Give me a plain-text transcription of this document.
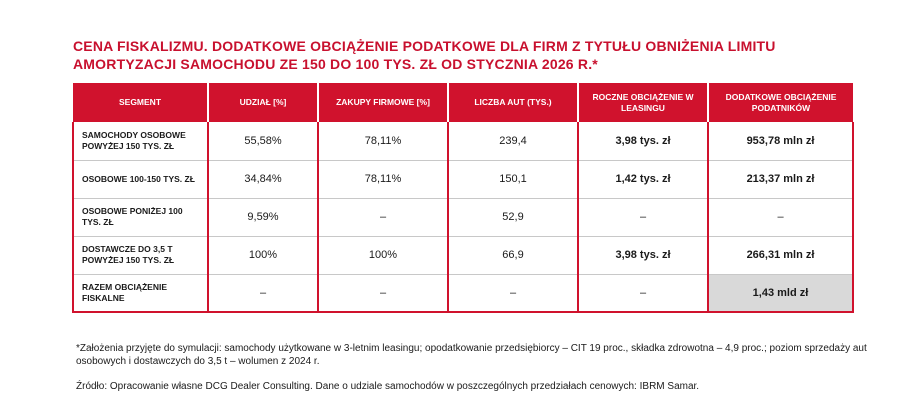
CENA FISKALIZMU. DODATKOWE OBCIĄŻENIE PODATKOWE DLA FIRM Z TYTUŁU OBNIŻENIA LIMITU AMORTYZACJI SAMOCHODU ZE 150 DO 100 TYS. ZŁ OD STYCZNIA 2026 R.*
SEGMENT	UDZIAŁ [%]	ZAKUPY FIRMOWE [%]	LICZBA AUT (TYS.)	ROCZNE OBCIĄŻENIE W LEASINGU	DODATKOWE OBCIĄŻENIE PODATNIKÓW
SAMOCHODY OSOBOWE POWYŻEJ 150 TYS. ZŁ	55,58%	78,11%	239,4	3,98 tys. zł	953,78 mln zł
OSOBOWE 100-150 TYS. ZŁ	34,84%	78,11%	150,1	1,42 tys. zł	213,37 mln zł
OSOBOWE PONIŻEJ 100 TYS. ZŁ	9,59%	–	52,9	–	–
DOSTAWCZE DO 3,5 T POWYŻEJ 150 TYS. ZŁ	100%	100%	66,9	3,98 tys. zł	266,31 mln zł
RAZEM OBCIĄŻENIE FISKALNE	–	–	–	–	1,43 mld zł
*Założenia przyjęte do symulacji: samochody użytkowane w 3-letnim leasingu; opodatkowanie przedsiębiorcy – CIT 19 proc., składka zdrowotna – 4,9 proc.; poziom sprzedaży aut osobowych i dostawczych do 3,5 t – wolumen z 2024 r.
Źródło: Opracowanie własne DCG Dealer Consulting. Dane o udziale samochodów w poszczególnych przedziałach cenowych: IBRM Samar.
